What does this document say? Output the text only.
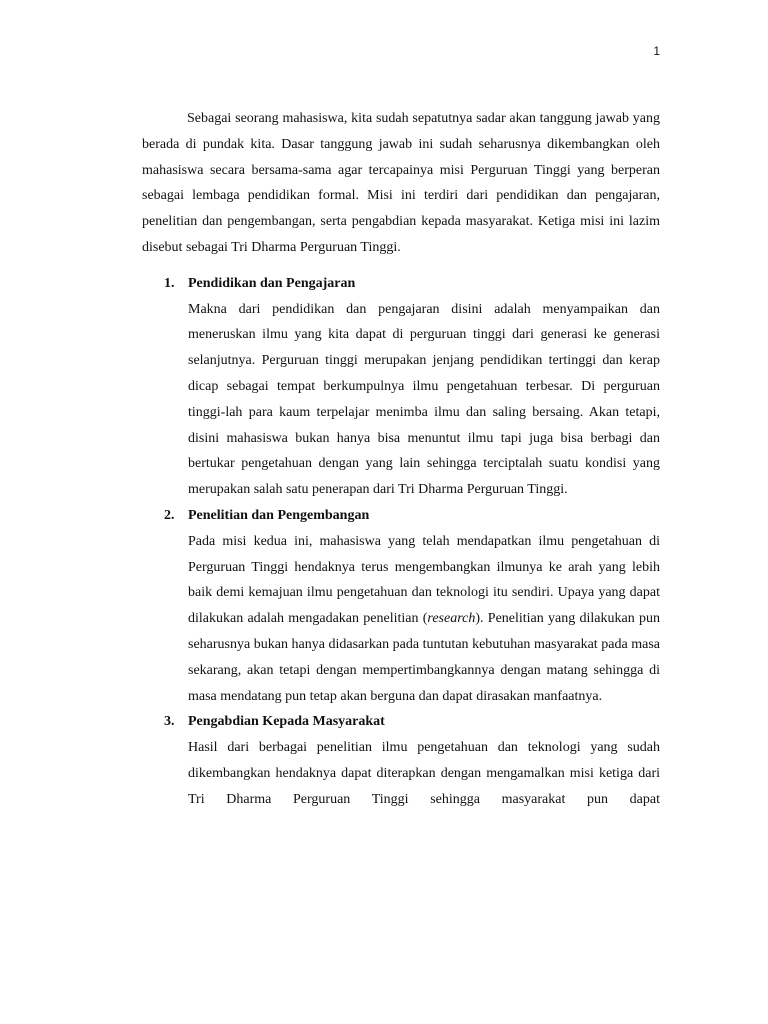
1

Sebagai seorang mahasiswa, kita sudah sepatutnya sadar akan tanggung jawab yang berada di pundak kita. Dasar tanggung jawab ini sudah seharusnya dikembangkan oleh mahasiswa secara bersama-sama agar tercapainya misi Perguruan Tinggi yang berperan sebagai lembaga pendidikan formal. Misi ini terdiri dari pendidikan dan pengajaran, penelitian dan pengembangan, serta pengabdian kepada masyarakat. Ketiga misi ini lazim disebut sebagai Tri Dharma Perguruan Tinggi.

1. Pendidikan dan Pengajaran

Makna dari pendidikan dan pengajaran disini adalah menyampaikan dan meneruskan ilmu yang kita dapat di perguruan tinggi dari generasi ke generasi selanjutnya. Perguruan tinggi merupakan jenjang pendidikan tertinggi dan kerap dicap sebagai tempat berkumpulnya ilmu pengetahuan terbesar. Di perguruan tinggi-lah para kaum terpelajar menimba ilmu dan saling bersaing. Akan tetapi, disini mahasiswa bukan hanya bisa menuntut ilmu tapi juga bisa berbagi dan bertukar pengetahuan dengan yang lain sehingga terciptalah suatu kondisi yang merupakan salah satu penerapan dari Tri Dharma Perguruan Tinggi.

2. Penelitian dan Pengembangan

Pada misi kedua ini, mahasiswa yang telah mendapatkan ilmu pengetahuan di Perguruan Tinggi hendaknya terus mengembangkan ilmunya ke arah yang lebih baik demi kemajuan ilmu pengetahuan dan teknologi itu sendiri. Upaya yang dapat dilakukan adalah mengadakan penelitian (research). Penelitian yang dilakukan pun seharusnya bukan hanya didasarkan pada tuntutan kebutuhan masyarakat pada masa sekarang, akan tetapi dengan mempertimbangkannya dengan matang sehingga di masa mendatang pun tetap akan berguna dan dapat dirasakan manfaatnya.

3. Pengabdian Kepada Masyarakat

Hasil dari berbagai penelitian ilmu pengetahuan dan teknologi yang sudah dikembangkan hendaknya dapat diterapkan dengan mengamalkan misi ketiga dari Tri Dharma Perguruan Tinggi sehingga masyarakat pun dapat
